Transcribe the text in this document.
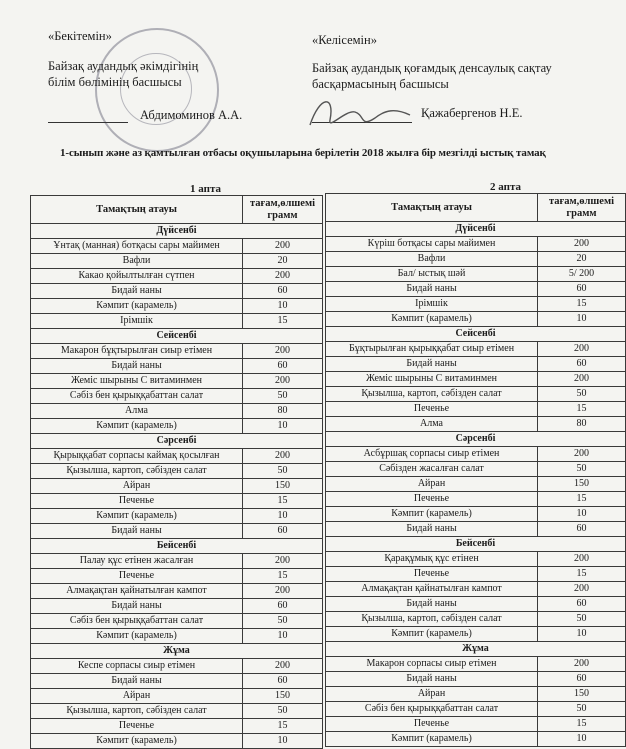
«Бекітемін»
Байзақ аудандық әкімдігінің
білім бөлімінің басшысы
Абдимоминов А.А.
«Келісемін»
Байзақ аудандық қоғамдық денсаулық сақтау
басқармасының басшысы
Қажабергенов Н.Е.
1-сынып және аз қамтылған отбасы оқушыларына берілетін 2018 жылға бір мезгілді ыстық тамақ
1 апта	2 апта
Тамақтың атауы	тағам,өлшемі грамм
Дүйсенбі	
Ұнтақ (манная) ботқасы сары майимен	200
Вафли	20
Какао қойылтылған сүтпен	200
Бидай наны	60
Кәмпит (карамель)	10
Ірімшік	15
Сейсенбі	
Макарон бұқтырылған сиыр етімен	200
Бидай наны	60
Жеміс шырыны С витаминмен	200
Сәбіз бен қырыққабаттан салат	50
Алма	80
Кәмпит (карамель)	10
Сәрсенбі	
Қырыққабат сорпасы каймақ қосылған	200
Қызылша, картоп, сәбізден салат	50
Айран	150
Печенье	15
Кәмпит (карамель)	10
Бидай наны	60
Бейсенбі	
Палау құс етінен жасалған	200
Печенье	15
Алмақақтан қайнатылған кампот	200
Бидай наны	60
Сәбіз бен қырыққабаттан салат	50
Кәмпит (карамель)	10
Жұма	
Кеспе сорпасы сиыр етімен	200
Бидай наны	60
Айран	150
Қызылша, картоп, сәбізден салат	50
Печенье	15
Кәмпит (карамель)	10
Тамақтың атауы	тағам,өлшемі грамм
Дүйсенбі	
Күріш ботқасы сары майимен	200
Вафли	20
Бал/ ыстық шәй	5/ 200
Бидай наны	60
Ірімшік	15
Кәмпит (карамель)	10
Сейсенбі	
Бұқтырылған қырыққабат сиыр етімен	200
Бидай наны	60
Жеміс шырыны С витаминмен	200
Қызылша, картоп, сәбізден салат	50
Печенье	15
Алма	80
Сәрсенбі	
Асбұршақ сорпасы сиыр етімен	200
Сәбізден жасалған салат	50
Айран	150
Печенье	15
Кәмпит (карамель)	10
Бидай наны	60
Бейсенбі	
Қарақұмық құс етінен	200
Печенье	15
Алмақақтан қайнатылған кампот	200
Бидай наны	60
Қызылша, картоп, сәбізден салат	50
Кәмпит (карамель)	10
Жұма	
Макарон сорпасы сиыр етімен	200
Бидай наны	60
Айран	150
Сәбіз бен қырыққабаттан салат	50
Печенье	15
Кәмпит (карамель)	10
